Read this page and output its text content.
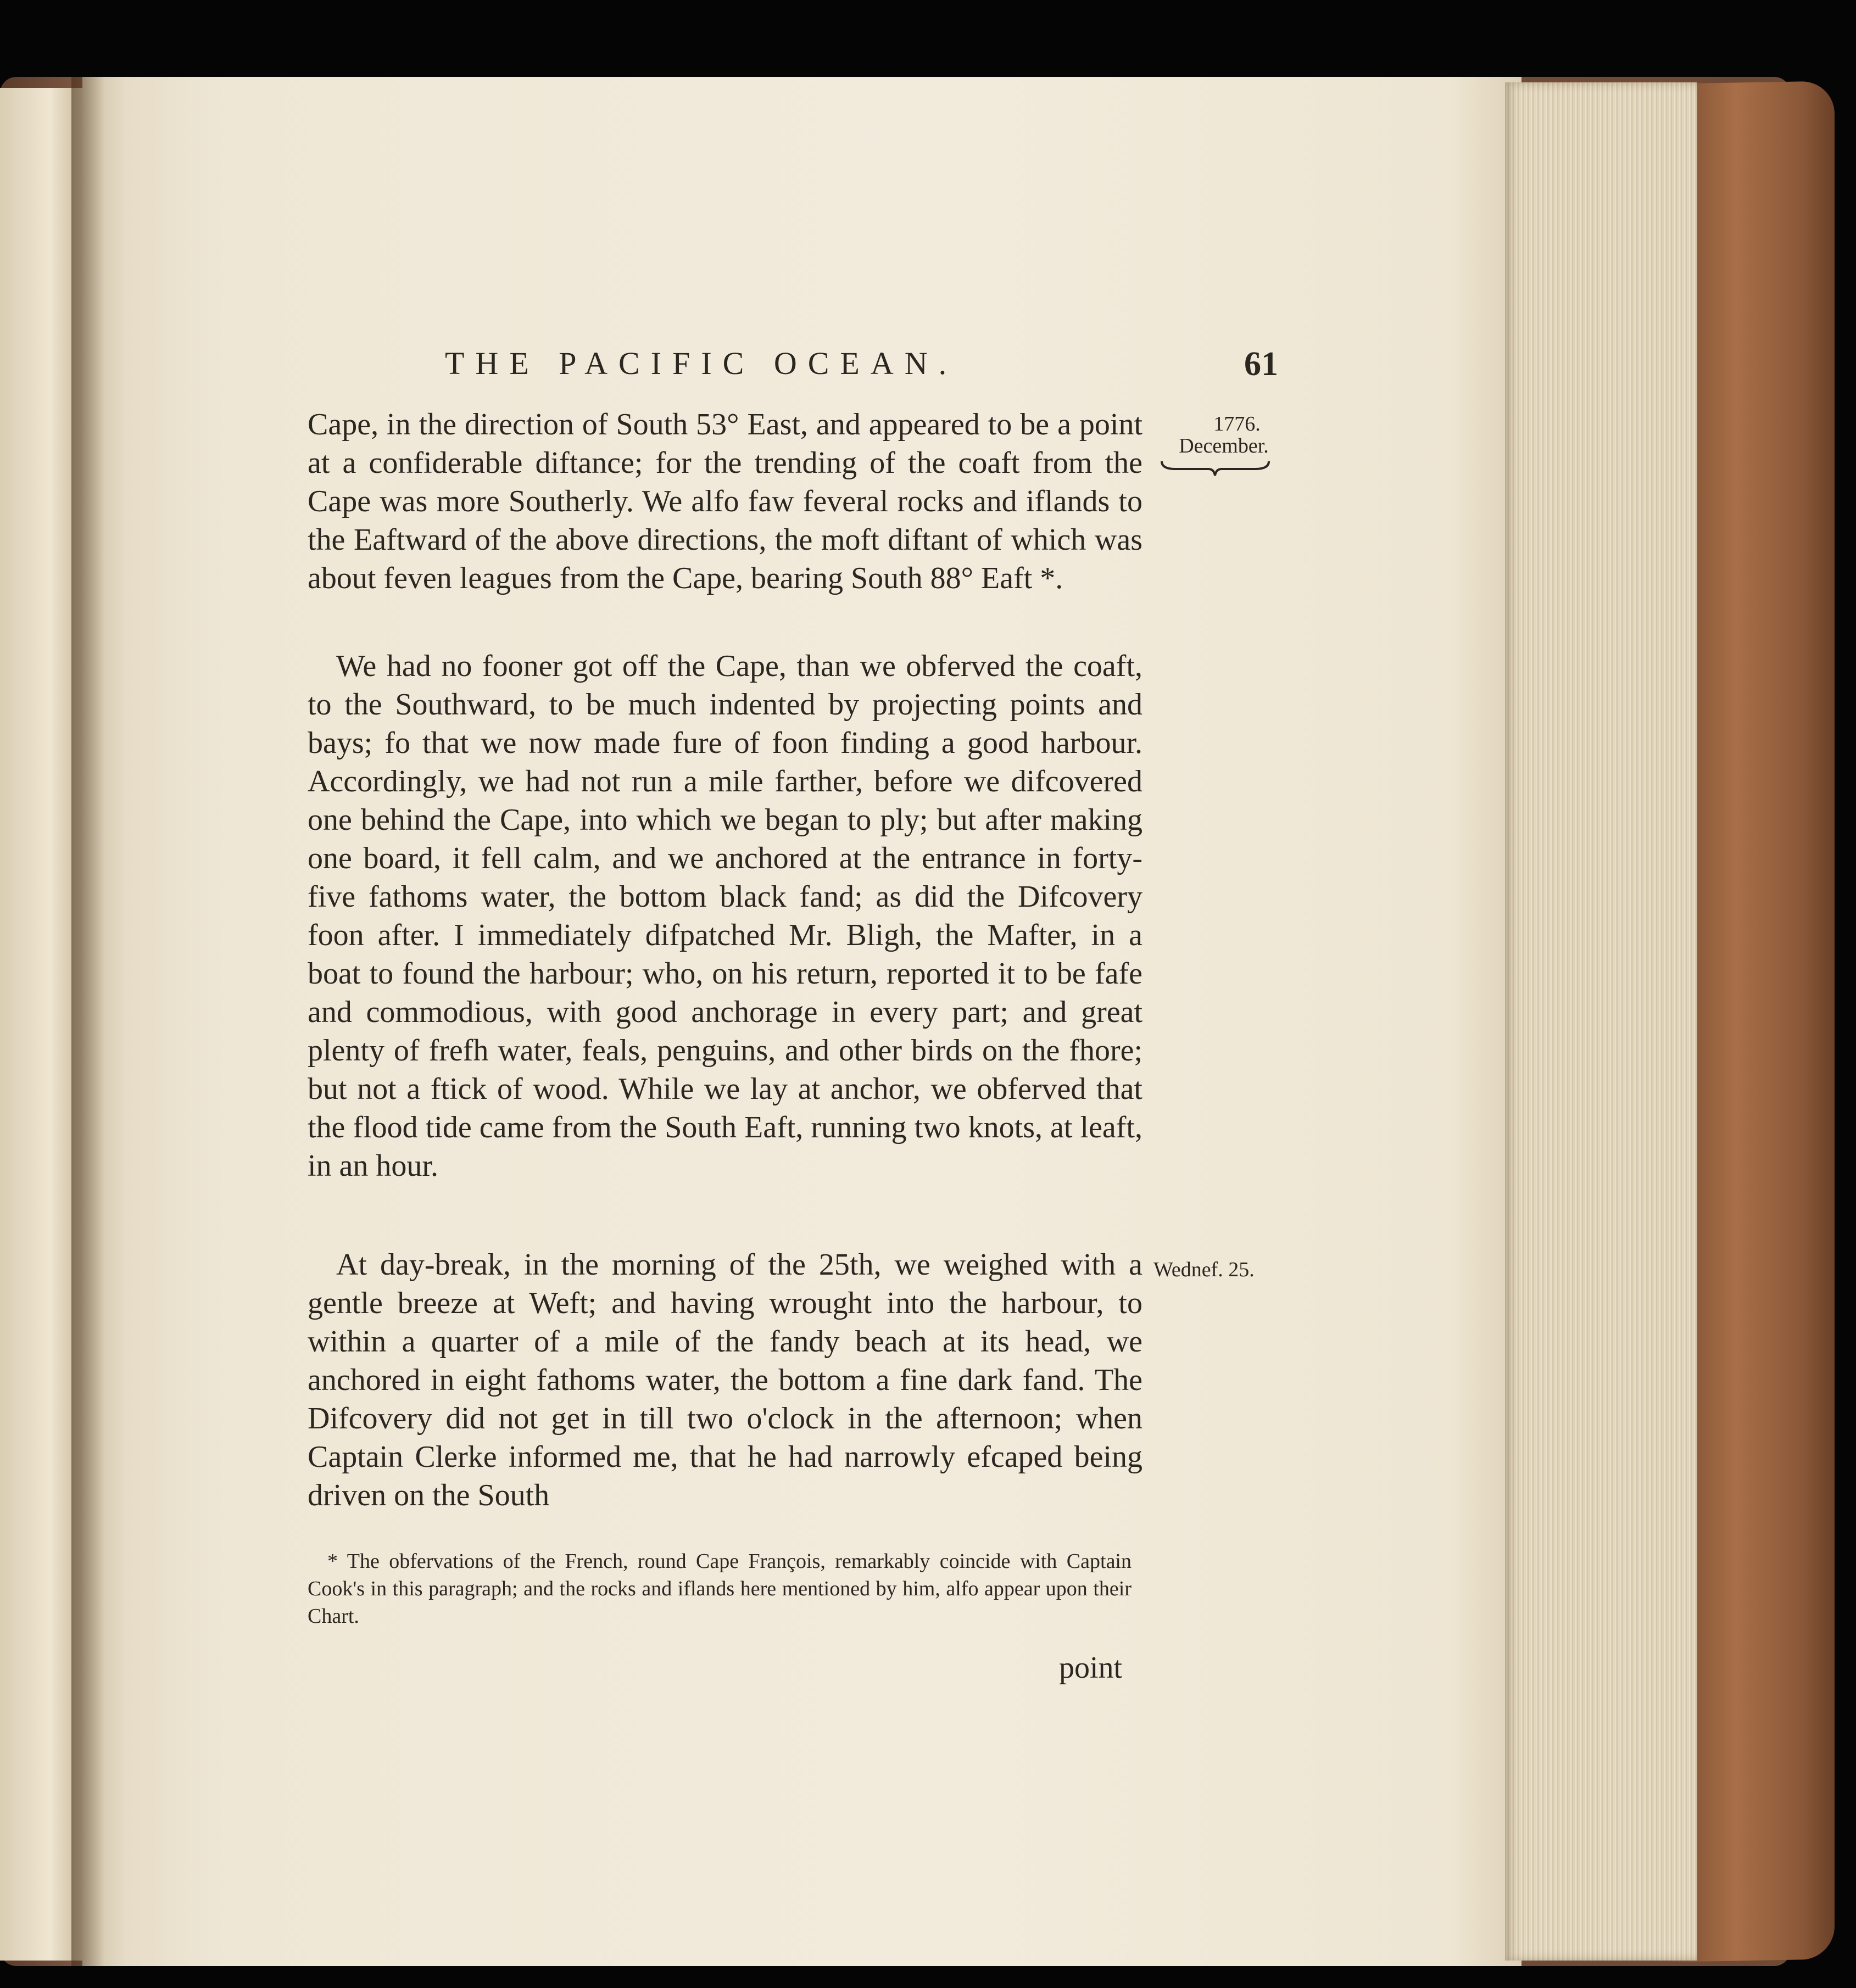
THE PACIFIC OCEAN.	61
1776.
December.
Wednef. 25.

Cape, in the direction of South 53° East, and appeared to be a point at a confiderable diftance; for the trending of the coaft from the Cape was more Southerly. We alfo faw feveral rocks and iflands to the Eaftward of the above directions, the moft diftant of which was about feven leagues from the Cape, bearing South 88° Eaft *.

We had no fooner got off the Cape, than we obferved the coaft, to the Southward, to be much indented by projecting points and bays; fo that we now made fure of foon finding a good harbour. Accordingly, we had not run a mile farther, before we difcovered one behind the Cape, into which we began to ply; but after making one board, it fell calm, and we anchored at the entrance in forty-five fathoms water, the bottom black fand; as did the Difcovery foon after. I immediately difpatched Mr. Bligh, the Mafter, in a boat to found the harbour; who, on his return, reported it to be fafe and commodious, with good anchorage in every part; and great plenty of frefh water, feals, penguins, and other birds on the fhore; but not a ftick of wood. While we lay at anchor, we obferved that the flood tide came from the South Eaft, running two knots, at leaft, in an hour.

At day-break, in the morning of the 25th, we weighed with a gentle breeze at Weft; and having wrought into the harbour, to within a quarter of a mile of the fandy beach at its head, we anchored in eight fathoms water, the bottom a fine dark fand. The Difcovery did not get in till two o'clock in the afternoon; when Captain Clerke informed me, that he had narrowly efcaped being driven on the South

* The obfervations of the French, round Cape François, remarkably coincide with Captain Cook's in this paragraph; and the rocks and iflands here mentioned by him, alfo appear upon their Chart.

point
